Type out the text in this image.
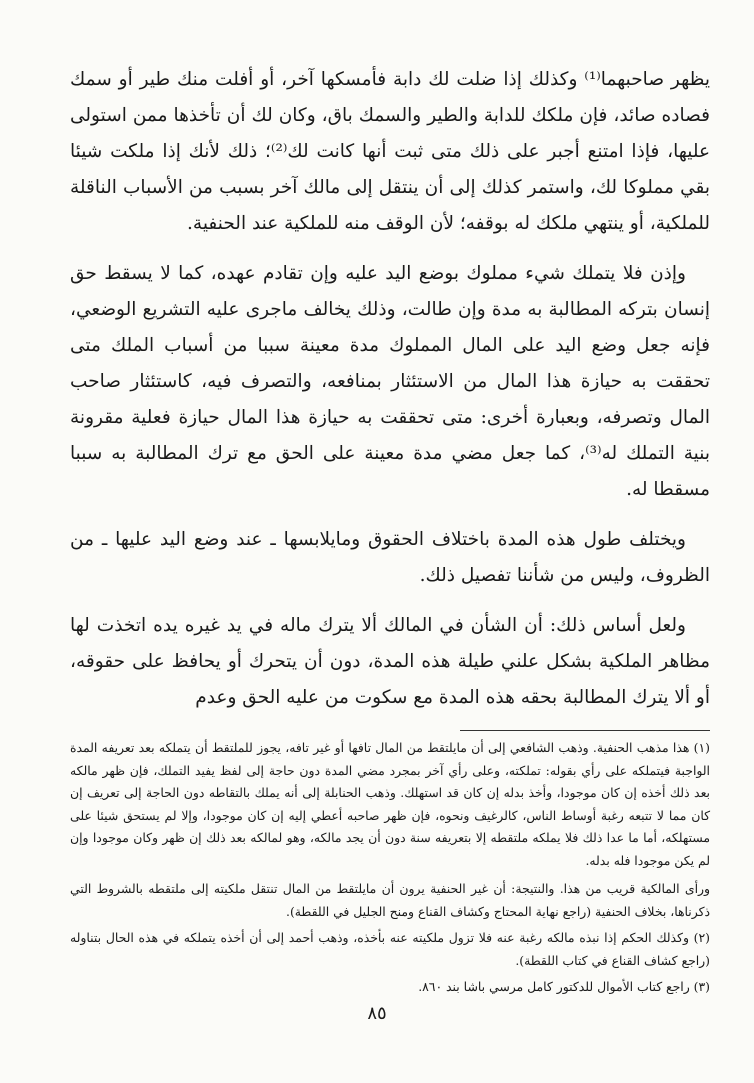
يظهر صاحبهما⁽¹⁾ وكذلك إذا ضلت لك دابة فأمسكها آخر، أو أفلت منك طير أو سمك فصاده صائد، فإن ملكك للدابة والطير والسمك باق، وكان لك أن تأخذها ممن استولى عليها، فإذا امتنع أجبر على ذلك متى ثبت أنها كانت لك⁽²⁾؛ ذلك لأنك إذا ملكت شيئا بقي مملوكا لك، واستمر كذلك إلى أن ينتقل إلى مالك آخر بسبب من الأسباب الناقلة للملكية، أو ينتهي ملكك له بوقفه؛ لأن الوقف منه للملكية عند الحنفية.

وإذن فلا يتملك شيء مملوك بوضع اليد عليه وإن تقادم عهده، كما لا يسقط حق إنسان بتركه المطالبة به مدة وإن طالت، وذلك يخالف ماجرى عليه التشريع الوضعي، فإنه جعل وضع اليد على المال المملوك مدة معينة سببا من أسباب الملك متى تحققت به حيازة هذا المال من الاستئثار بمنافعه، والتصرف فيه، كاستئثار صاحب المال وتصرفه، وبعبارة أخرى: متى تحققت به حيازة هذا المال حيازة فعلية مقرونة بنية التملك له⁽³⁾، كما جعل مضي مدة معينة على الحق مع ترك المطالبة به سببا مسقطا له.

ويختلف طول هذه المدة باختلاف الحقوق ومايلابسها ـ عند وضع اليد عليها ـ من الظروف، وليس من شأننا تفصيل ذلك.

ولعل أساس ذلك: أن الشأن في المالك ألا يترك ماله في يد غيره يده اتخذت لها مظاهر الملكية بشكل علني طيلة هذه المدة، دون أن يتحرك أو يحافظ على حقوقه، أو ألا يترك المطالبة بحقه هذه المدة مع سكوت من عليه الحق وعدم

(١) هذا مذهب الحنفية. وذهب الشافعي إلى أن مايلتقط من المال تافها أو غير تافه، يجوز للملتقط أن يتملكه بعد تعريفه المدة الواجبة فيتملكه على رأي بقوله: تملكته، وعلى رأي آخر بمجرد مضي المدة دون حاجة إلى لفظ يفيد التملك، فإن ظهر مالكه بعد ذلك أخذه إن كان موجودا، وأخذ بدله إن كان قد استهلك. وذهب الحنابلة إلى أنه يملك بالتقاطه دون الحاجة إلى تعريف إن كان مما لا تتبعه رغبة أوساط الناس، كالرغيف ونحوه، فإن ظهر صاحبه أعطي إليه إن كان موجودا، وإلا لم يستحق شيئا على مستهلكه، أما ما عدا ذلك فلا يملكه ملتقطه إلا بتعريفه سنة دون أن يجد مالكه، وهو لمالكه بعد ذلك إن ظهر وكان موجودا وإن لم يكن موجودا فله بدله.

ورأى المالكية قريب من هذا. والنتيجة: أن غير الحنفية يرون أن مايلتقط من المال تنتقل ملكيته إلى ملتقطه بالشروط التي ذكرناها، بخلاف الحنفية (راجع نهاية المحتاج وكشاف القناع ومنح الجليل في اللقطة).

(٢) وكذلك الحكم إذا نبذه مالكه رغبة عنه فلا تزول ملكيته عنه بأخذه، وذهب أحمد إلى أن أخذه يتملكه في هذه الحال بتناوله (راجع كشاف القناع في كتاب اللقطة).

(٣) راجع كتاب الأموال للدكتور كامل مرسي باشا بند ٨٦٠.

٨٥
